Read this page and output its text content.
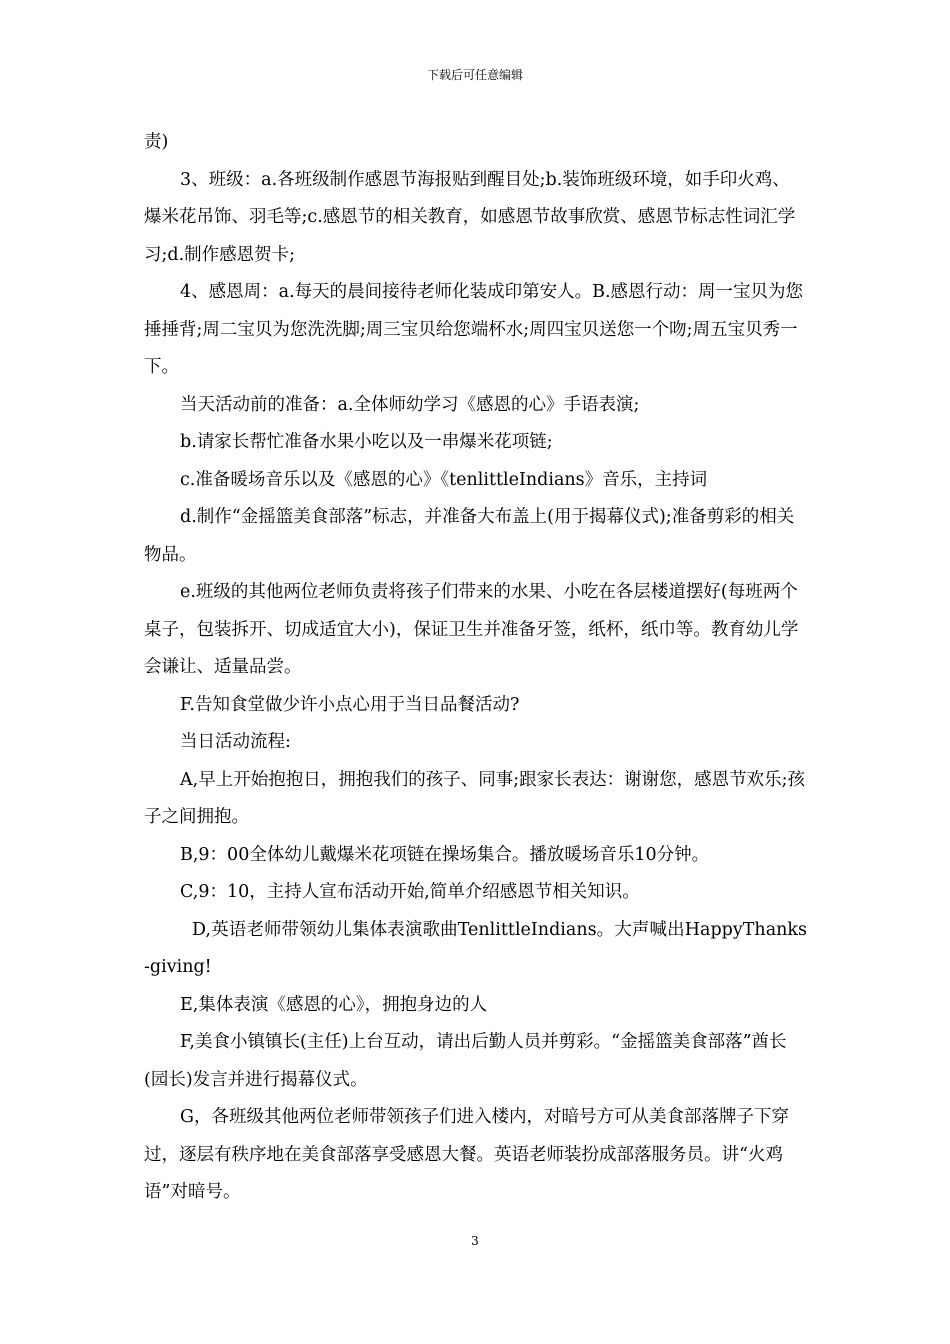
下载后可任意编辑

责)

3、班级：a.各班级制作感恩节海报贴到醒目处;b.装饰班级环境，如手印火鸡、爆米花吊饰、羽毛等;c.感恩节的相关教育，如感恩节故事欣赏、感恩节标志性词汇学习;d.制作感恩贺卡;

4、感恩周：a.每天的晨间接待老师化装成印第安人。B.感恩行动：周一宝贝为您捶捶背;周二宝贝为您洗洗脚;周三宝贝给您端杯水;周四宝贝送您一个吻;周五宝贝秀一下。

当天活动前的准备：a.全体师幼学习《感恩的心》手语表演;

b.请家长帮忙准备水果小吃以及一串爆米花项链;

c.准备暖场音乐以及《感恩的心》《tenlittleIndians》音乐，主持词

d.制作“金摇篮美食部落”标志，并准备大布盖上(用于揭幕仪式);准备剪彩的相关物品。

e.班级的其他两位老师负责将孩子们带来的水果、小吃在各层楼道摆好(每班两个桌子，包装拆开、切成适宜大小)，保证卫生并准备牙签，纸杯，纸巾等。教育幼儿学会谦让、适量品尝。

F.告知食堂做少许小点心用于当日品餐活动?

当日活动流程:

A,早上开始抱抱日，拥抱我们的孩子、同事;跟家长表达：谢谢您，感恩节欢乐;孩子之间拥抱。

B,9：00全体幼儿戴爆米花项链在操场集合。播放暖场音乐10分钟。

C,9：10，主持人宣布活动开始,简单介绍感恩节相关知识。

D,英语老师带领幼儿集体表演歌曲TenlittleIndians。大声喊出HappyThanks-giving!

E,集体表演《感恩的心》，拥抱身边的人

F,美食小镇镇长(主任)上台互动，请出后勤人员并剪彩。“金摇篮美食部落”酋长(园长)发言并进行揭幕仪式。

G，各班级其他两位老师带领孩子们进入楼内，对暗号方可从美食部落牌子下穿过，逐层有秩序地在美食部落享受感恩大餐。英语老师装扮成部落服务员。讲“火鸡语”对暗号。

3
